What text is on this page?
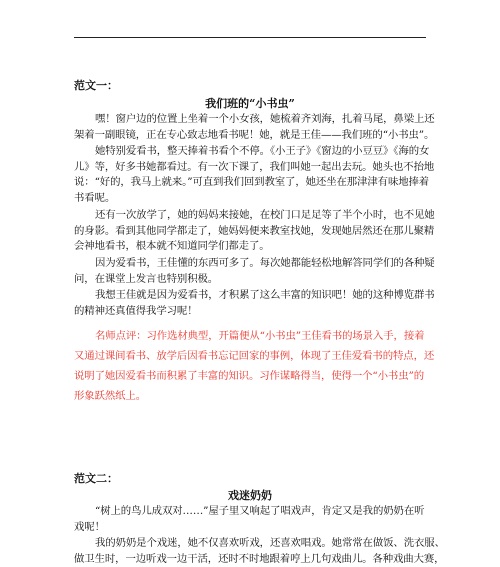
范文一：
我们班的“小书虫”
嘿！窗户边的位置上坐着一个小女孩，她梳着齐刘海，扎着马尾，鼻梁上还
架着一副眼镜，正在专心致志地看书呢！她，就是王佳——我们班的“小书虫”。
她特别爱看书，整天捧着书看个不停。《小王子》《窗边的小豆豆》《海的女
儿》等，好多书她都看过。有一次下课了，我们叫她一起出去玩。她头也不抬地
说：“好的，我马上就来。”可直到我们回到教室了，她还坐在那津津有味地捧着
书看呢。
还有一次放学了，她的妈妈来接她，在校门口足足等了半个小时，也不见她
的身影。看到其他同学都走了，她妈妈便来教室找她，发现她居然还在那儿聚精
会神地看书，根本就不知道同学们都走了。
因为爱看书，王佳懂的东西可多了。每次她都能轻松地解答同学们的各种疑
问，在课堂上发言也特别积极。
我想王佳就是因为爱看书，才积累了这么丰富的知识吧！她的这种博览群书
的精神还真值得我学习呢！
名师点评：习作选材典型，开篇便从“小书虫”王佳看书的场景入手，接着
又通过课间看书、放学后因看书忘记回家的事例，体现了王佳爱看书的特点，还
说明了她因爱看书而积累了丰富的知识。习作谋略得当，使得一个“小书虫”的
形象跃然纸上。
范文二：
戏迷奶奶
“树上的鸟儿成双对……”屋子里又响起了唱戏声，肯定又是我的奶奶在听
戏呢！
我的奶奶是个戏迷，她不仅喜欢听戏，还喜欢唱戏。她常常在做饭、洗衣服、
做卫生时，一边听戏一边干活，还时不时地跟着哼上几句戏曲儿。各种戏曲大赛，
